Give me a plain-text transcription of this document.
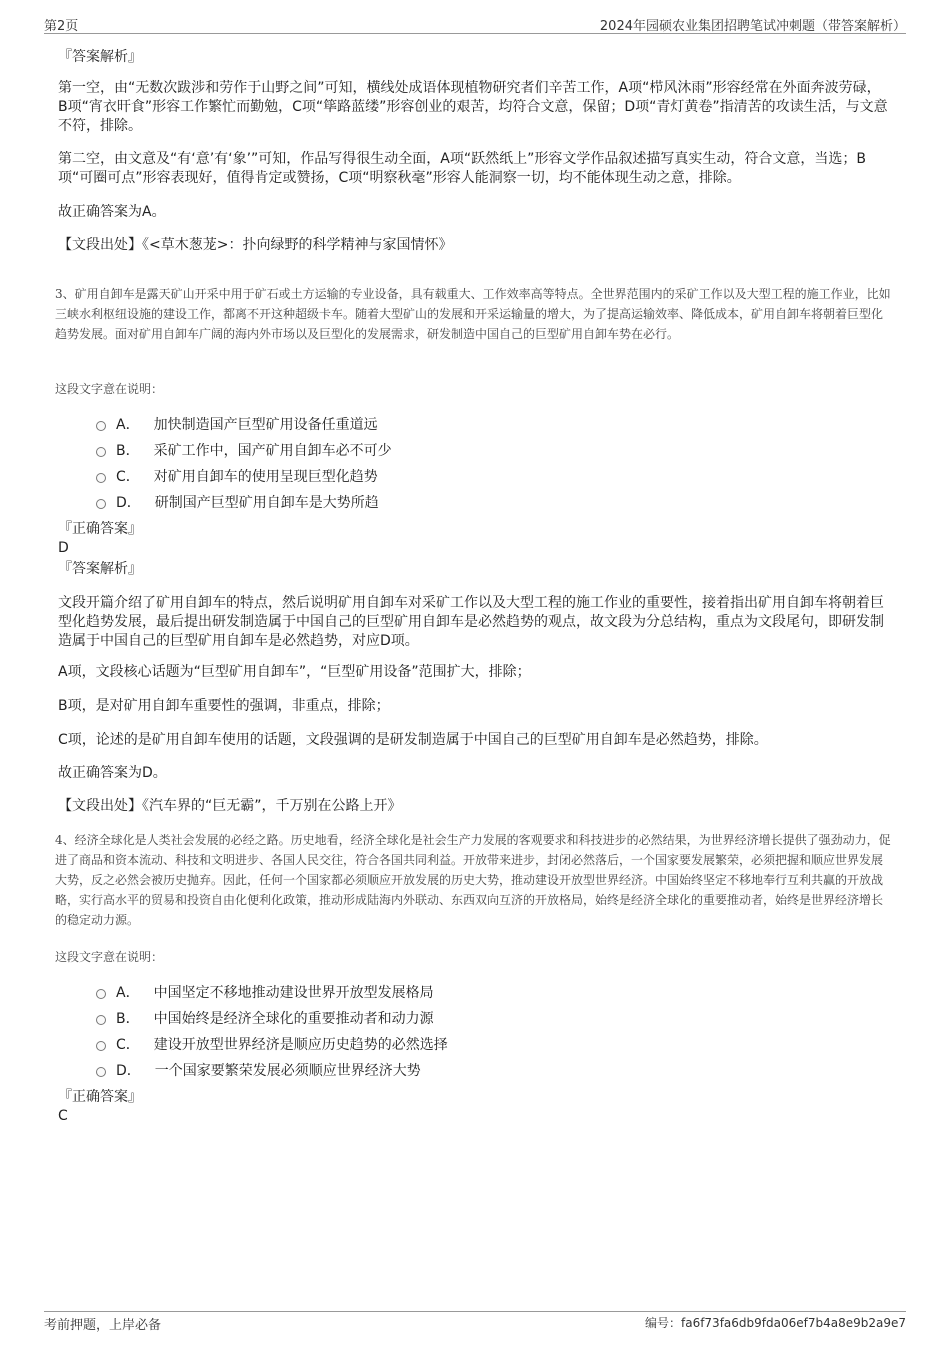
第2页	2024年园硕农业集团招聘笔试冲刺题（带答案解析）
『答案解析』
第一空，由“无数次跋涉和劳作于山野之间”可知，横线处成语体现植物研究者们辛苦工作，A项“栉风沐雨”形容经常在外面奔波劳碌，B项“宵衣旰食”形容工作繁忙而勤勉，C项“筚路蓝缕”形容创业的艰苦，均符合文意，保留；D项“青灯黄卷”指清苦的攻读生活，与文意不符，排除。
第二空，由文意及“有‘意’有‘象’”可知，作品写得很生动全面，A项“跃然纸上”形容文学作品叙述描写真实生动，符合文意，当选；B项“可圈可点”形容表现好，值得肯定或赞扬，C项“明察秋毫”形容人能洞察一切，均不能体现生动之意，排除。
故正确答案为A。
【文段出处】《<草木葱茏>：扑向绿野的科学精神与家国情怀》
3、矿用自卸车是露天矿山开采中用于矿石或土方运输的专业设备，具有载重大、工作效率高等特点。全世界范围内的采矿工作以及大型工程的施工作业，比如三峡水利枢纽设施的建设工作，都离不开这种超级卡车。随着大型矿山的发展和开采运输量的增大，为了提高运输效率、降低成本，矿用自卸车将朝着巨型化趋势发展。面对矿用自卸车广阔的海内外市场以及巨型化的发展需求，研发制造中国自己的巨型矿用自卸车势在必行。
这段文字意在说明：
A． 加快制造国产巨型矿用设备任重道远
B． 采矿工作中，国产矿用自卸车必不可少
C． 对矿用自卸车的使用呈现巨型化趋势
D． 研制国产巨型矿用自卸车是大势所趋
『正确答案』
D
『答案解析』
文段开篇介绍了矿用自卸车的特点，然后说明矿用自卸车对采矿工作以及大型工程的施工作业的重要性，接着指出矿用自卸车将朝着巨型化趋势发展，最后提出研发制造属于中国自己的巨型矿用自卸车是必然趋势的观点，故文段为分总结构，重点为文段尾句，即研发制造属于中国自己的巨型矿用自卸车是必然趋势，对应D项。
A项，文段核心话题为“巨型矿用自卸车”，“巨型矿用设备”范围扩大，排除；
B项，是对矿用自卸车重要性的强调，非重点，排除；
C项，论述的是矿用自卸车使用的话题，文段强调的是研发制造属于中国自己的巨型矿用自卸车是必然趋势，排除。
故正确答案为D。
【文段出处】《汽车界的“巨无霸”，千万别在公路上开》
4、经济全球化是人类社会发展的必经之路。历史地看，经济全球化是社会生产力发展的客观要求和科技进步的必然结果，为世界经济增长提供了强劲动力，促进了商品和资本流动、科技和文明进步、各国人民交往，符合各国共同利益。开放带来进步，封闭必然落后，一个国家要发展繁荣，必须把握和顺应世界发展大势，反之必然会被历史抛弃。因此，任何一个国家都必须顺应开放发展的历史大势，推动建设开放型世界经济。中国始终坚定不移地奉行互利共赢的开放战略，实行高水平的贸易和投资自由化便利化政策，推动形成陆海内外联动、东西双向互济的开放格局，始终是经济全球化的重要推动者，始终是世界经济增长的稳定动力源。
这段文字意在说明：
A． 中国坚定不移地推动建设世界开放型发展格局
B． 中国始终是经济全球化的重要推动者和动力源
C． 建设开放型世界经济是顺应历史趋势的必然选择
D． 一个国家要繁荣发展必须顺应世界经济大势
『正确答案』
C
考前押题，上岸必备	编号：fa6f73fa6db9fda06ef7b4a8e9b2a9e7
